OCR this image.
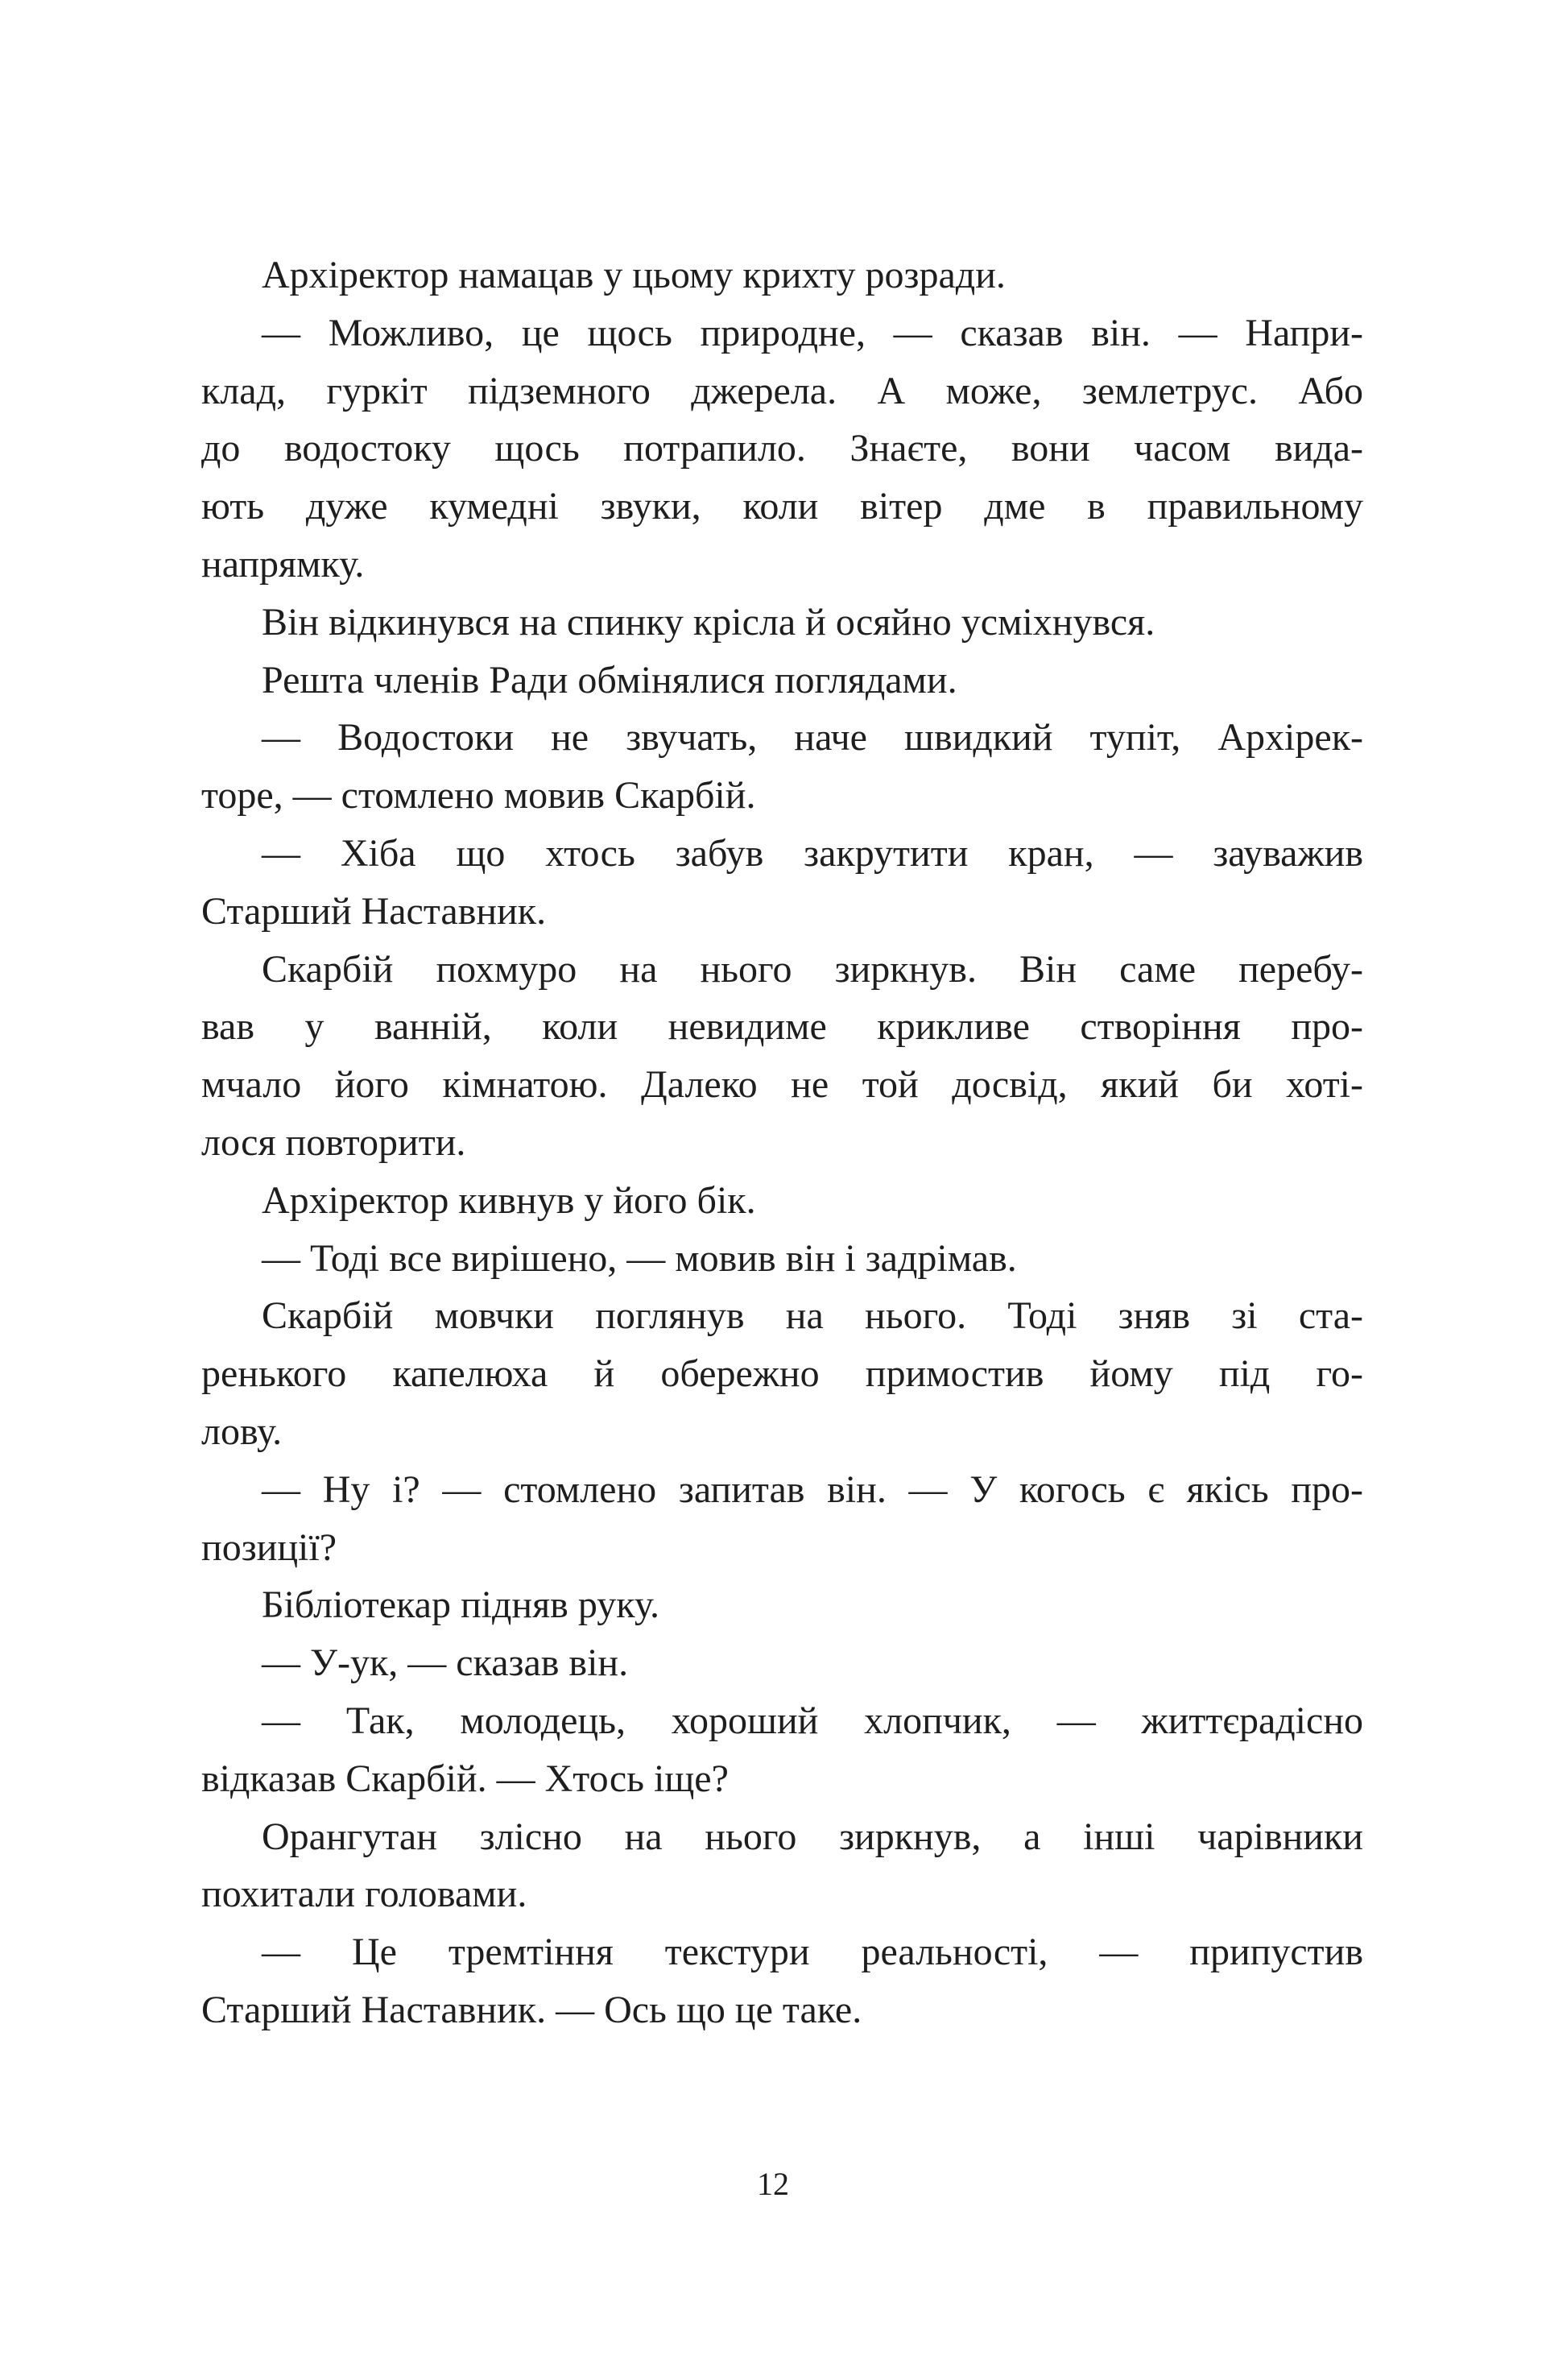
Архіректор намацав у цьому крихту розради.
— Можливо, це щось природне, — сказав він. — Напри-
клад, гуркіт підземного джерела. А може, землетрус. Або
до водостоку щось потрапило. Знаєте, вони часом вида-
ють дуже кумедні звуки, коли вітер дме в правильному
напрямку.
Він відкинувся на спинку крісла й осяйно усміхнувся.
Решта членів Ради обмінялися поглядами.
— Водостоки не звучать, наче швидкий тупіт, Архірек-
торе, — стомлено мовив Скарбій.
— Хіба що хтось забув закрутити кран, — зауважив
Старший Наставник.
Скарбій похмуро на нього зиркнув. Він саме перебу-
вав у ванній, коли невидиме крикливе створіння про-
мчало його кімнатою. Далеко не той досвід, який би хоті-
лося повторити.
Архіректор кивнув у його бік.
— Тоді все вирішено, — мовив він і задрімав.
Скарбій мовчки поглянув на нього. Тоді зняв зі ста-
ренького капелюха й обережно примостив йому під го-
лову.
— Ну і? — стомлено запитав він. — У когось є якісь про-
позиції?
Бібліотекар підняв руку.
— У-ук, — сказав він.
— Так, молодець, хороший хлопчик, — життєрадісно
відказав Скарбій. — Хтось іще?
Орангутан злісно на нього зиркнув, а інші чарівники
похитали головами.
— Це тремтіння текстури реальності, — припустив
Старший Наставник. — Ось що це таке.
12
